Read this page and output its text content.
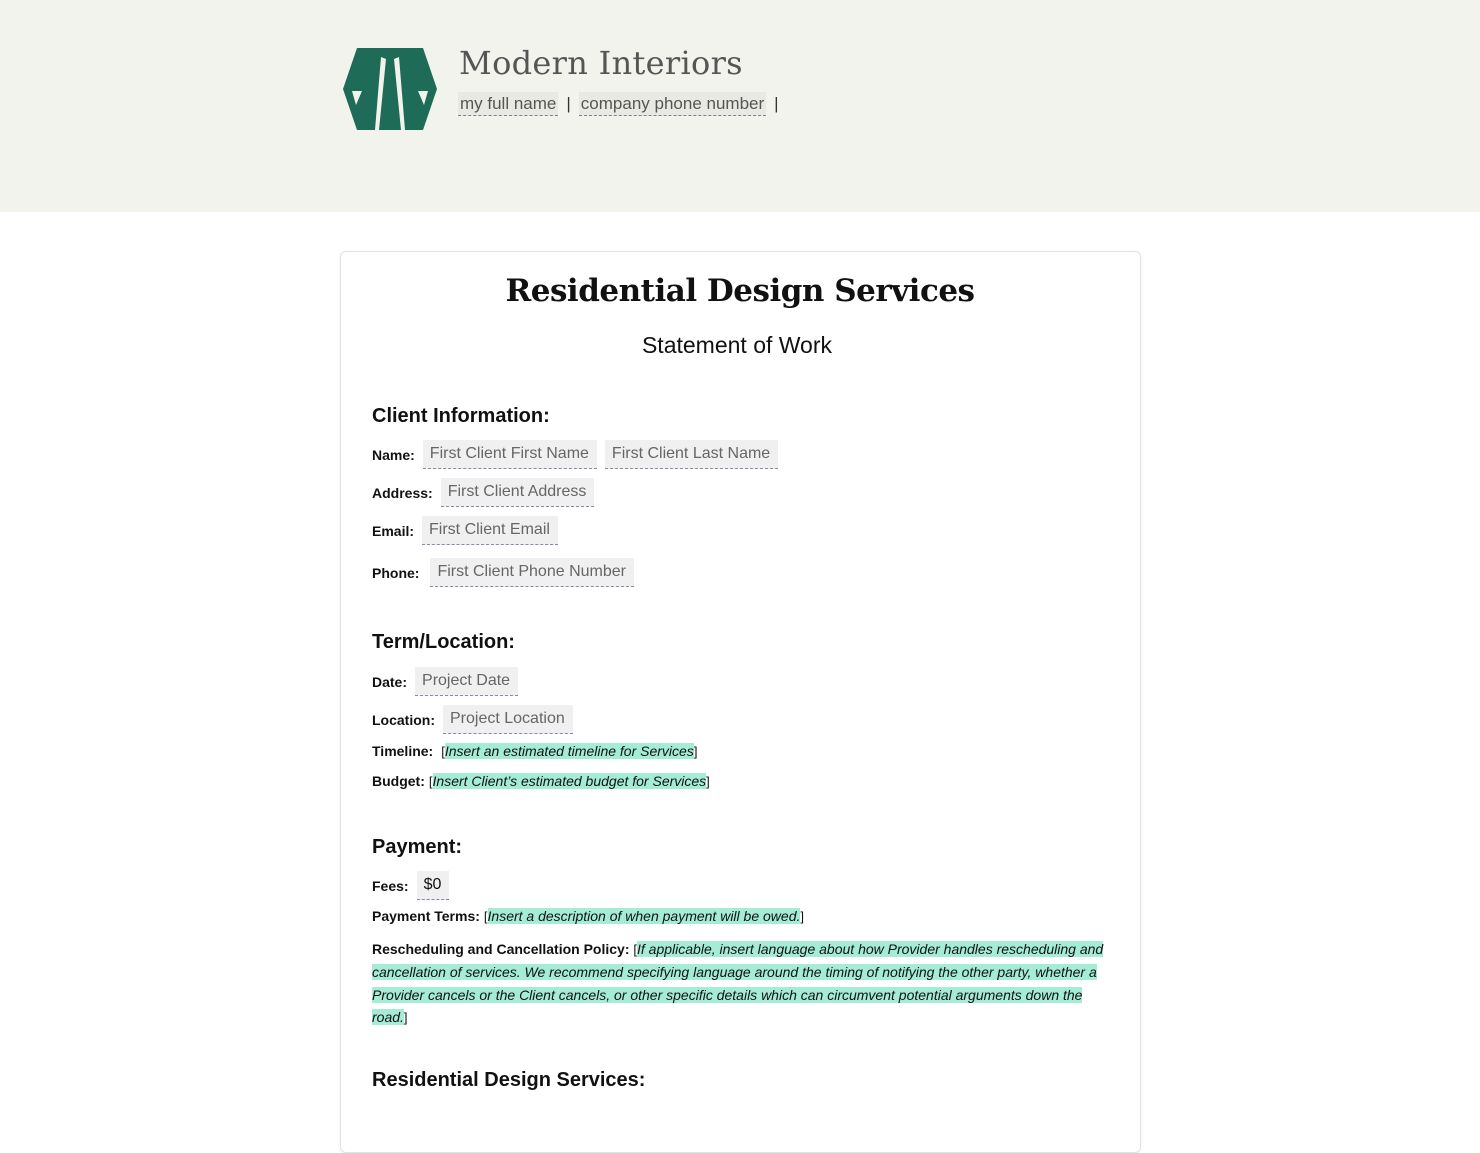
Modern Interiors
my full name | company phone number |
Residential Design Services
Statement of Work
Client Information:
Name: First Client First Name	First Client Last Name
Address: First Client Address
Email: First Client Email
Phone:	First Client Phone Number
Term/Location:
Date: Project Date
Location: Project Location
Timeline: [ Insert an estimated timeline for Services ]
Budget: [ Insert Client’s estimated budget for Services ]
Payment:
Fees: $0
Payment Terms: [ Insert a description of when payment will be owed. ]
Rescheduling and Cancellation Policy: [If applicable, insert language about how Provider handles rescheduling and cancellation of services. We recommend specifying language around the timing of notifying the other party, whether a Provider cancels or the Client cancels, or other specific details which can circumvent potential arguments down the road.]
Residential Design Services:
